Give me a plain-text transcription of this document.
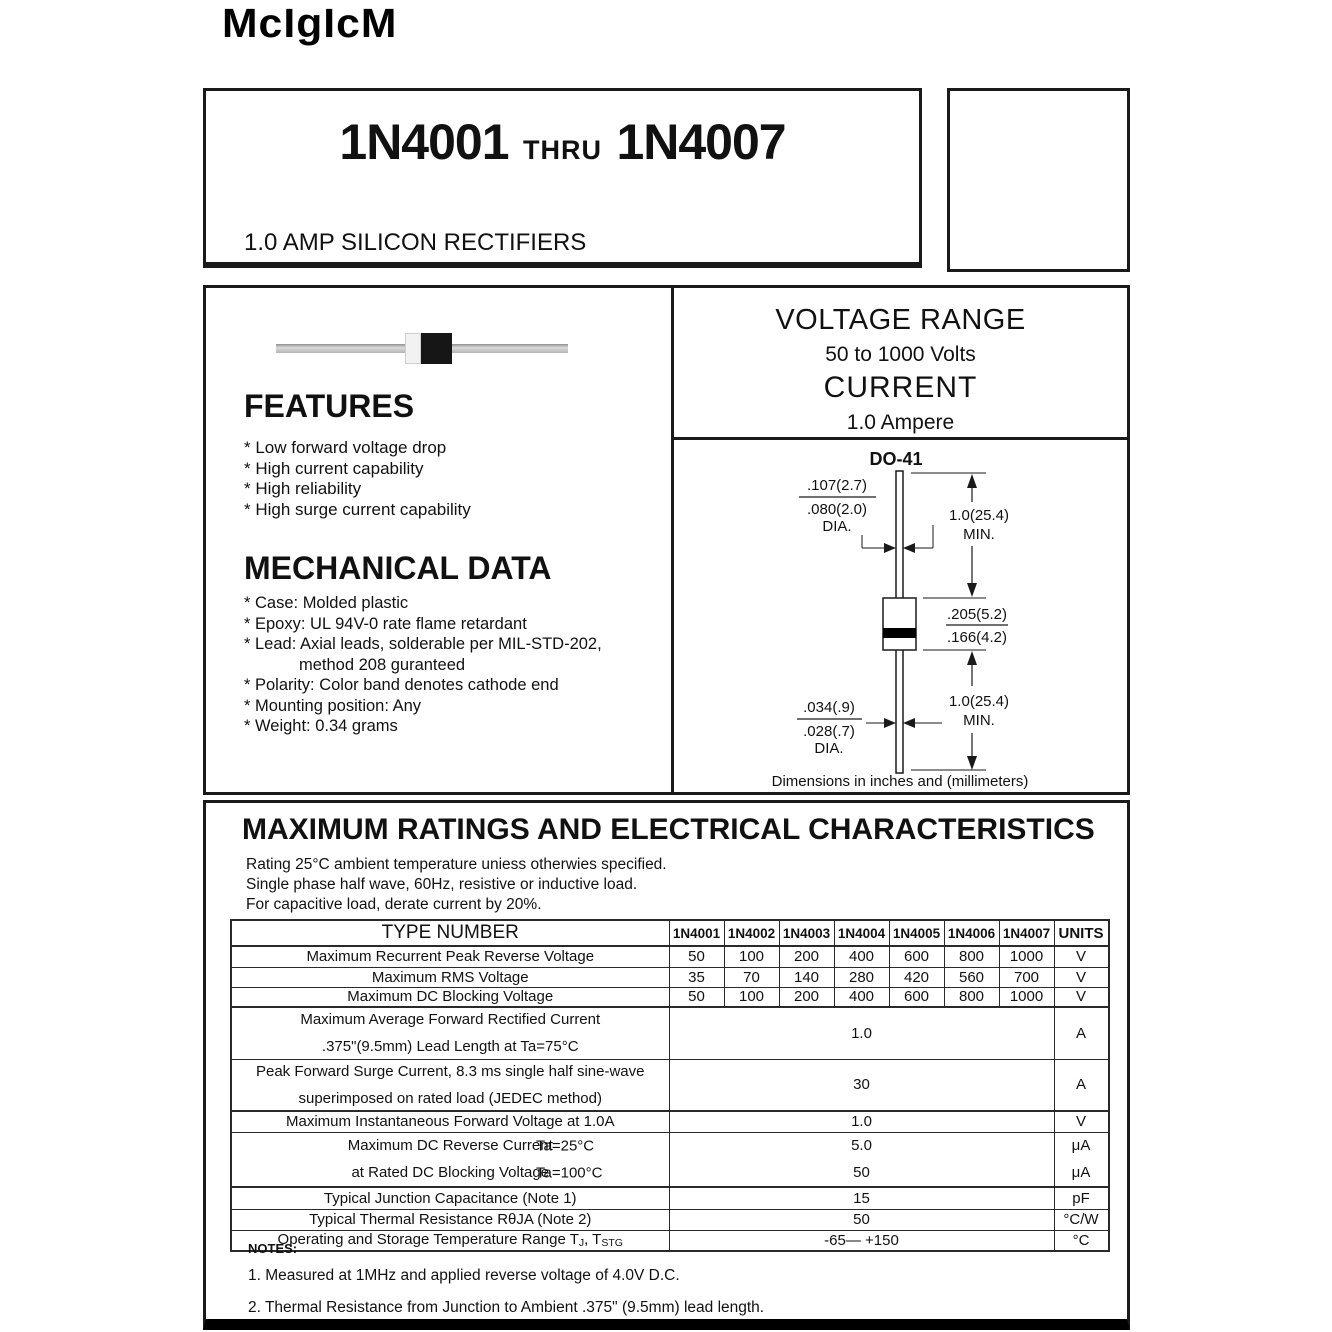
McIgIcM
1N4001 THRU 1N4007
1.0 AMP SILICON RECTIFIERS
FEATURES
* Low forward voltage drop
* High current capability
* High reliability
* High surge current capability
MECHANICAL DATA
* Case: Molded plastic
* Epoxy: UL 94V-0 rate flame retardant
* Lead: Axial leads, solderable per MIL-STD-202,
method 208 guranteed
* Polarity: Color band denotes cathode end
* Mounting position: Any
* Weight: 0.34 grams
VOLTAGE RANGE
50 to 1000 Volts
CURRENT
1.0 Ampere
DO-41
1.0(25.4)
MIN.
.205(5.2)
.166(4.2)
1.0(25.4)
MIN.
.107(2.7)
.080(2.0)
DIA.
.034(.9)
.028(.7)
DIA.
Dimensions in inches and (millimeters)
MAXIMUM RATINGS AND ELECTRICAL CHARACTERISTICS
Rating 25°C ambient temperature uniess otherwies specified.
Single phase half wave, 60Hz, resistive or inductive load.
For capacitive load, derate current by 20%.
TYPE NUMBER	1N4001	1N4002	1N4003	1N4004	1N4005	1N4006	1N4007	UNITS
Maximum Recurrent Peak Reverse Voltage	50	100	200	400	600	800	1000	V
Maximum RMS Voltage	35	70	140	280	420	560	700	V
Maximum DC Blocking Voltage	50	100	200	400	600	800	1000	V

Maximum Average Forward Rectified Current
.375"(9.5mm) Lead Length at Ta=75°C	1.0							A

Peak Forward Surge Current, 8.3 ms single half sine-wave
superimposed on rated load (JEDEC method)	30							A
Maximum Instantaneous Forward Voltage at 1.0A	1.0							V
Maximum DC Reverse Current
Ta=25°C	5.0							μA
at Rated DC Blocking Voltage
Ta=100°C	50							μA
Typical Junction Capacitance (Note 1)	15							pF
Typical Thermal Resistance RθJA (Note 2)	50							°C/W
Operating and Storage Temperature Range TJ, TSTG	-65— +150							°C
NOTES:
1. Measured at 1MHz and applied reverse voltage of 4.0V D.C.
2. Thermal Resistance from Junction to Ambient .375" (9.5mm) lead length.
